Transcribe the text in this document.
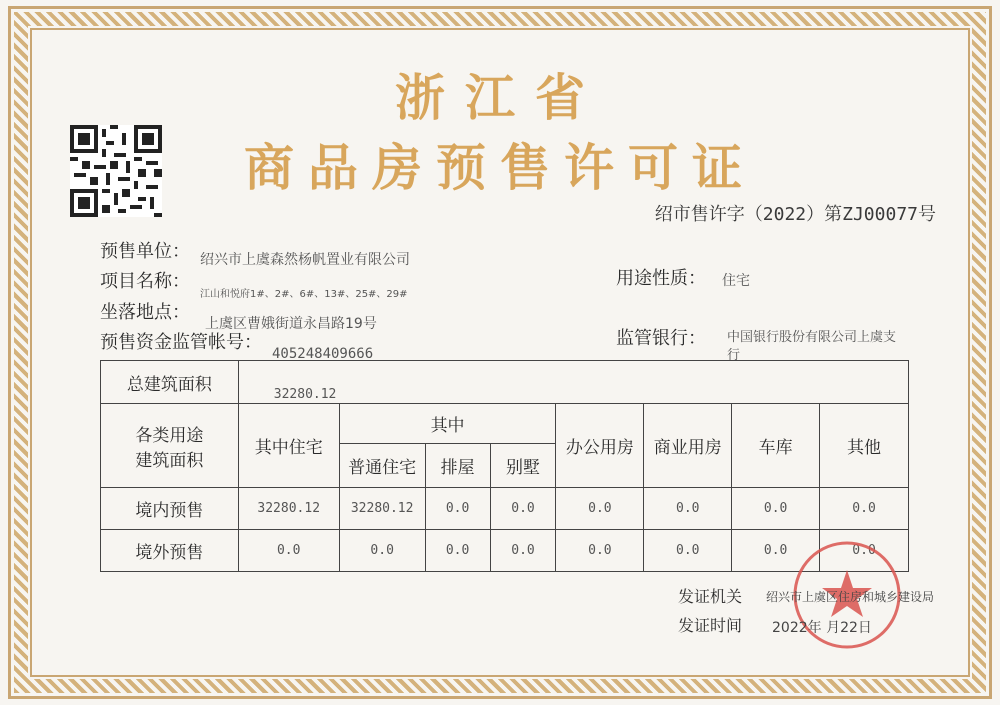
浙江省
商品房预售许可证
绍市售许字（2022）第ZJ00077号
预售单位： 绍兴市上虞森然杨帆置业有限公司
项目名称：
江山和悦府1#、2#、6#、13#、25#、29#
坐落地点：
上虞区曹娥街道永昌路19号
预售资金监管帐号：
405248409666
用途性质： 住宅
监管银行： 中国银行股份有限公司上虞支
行
总建筑面积	32280.12							

各类用途
建筑面积	其中住宅	其中			办公用房	商业用房	车库	其他
		普通住宅	排屋	别墅				
境内预售	32280.12	32280.12	0.0	0.0	0.0	0.0	0.0	0.0
境外预售	0.0	0.0	0.0	0.0	0.0	0.0	0.0	0.0
发证机关 绍兴市上虞区住房和城乡建设局
发证时间 2022年 月22日
